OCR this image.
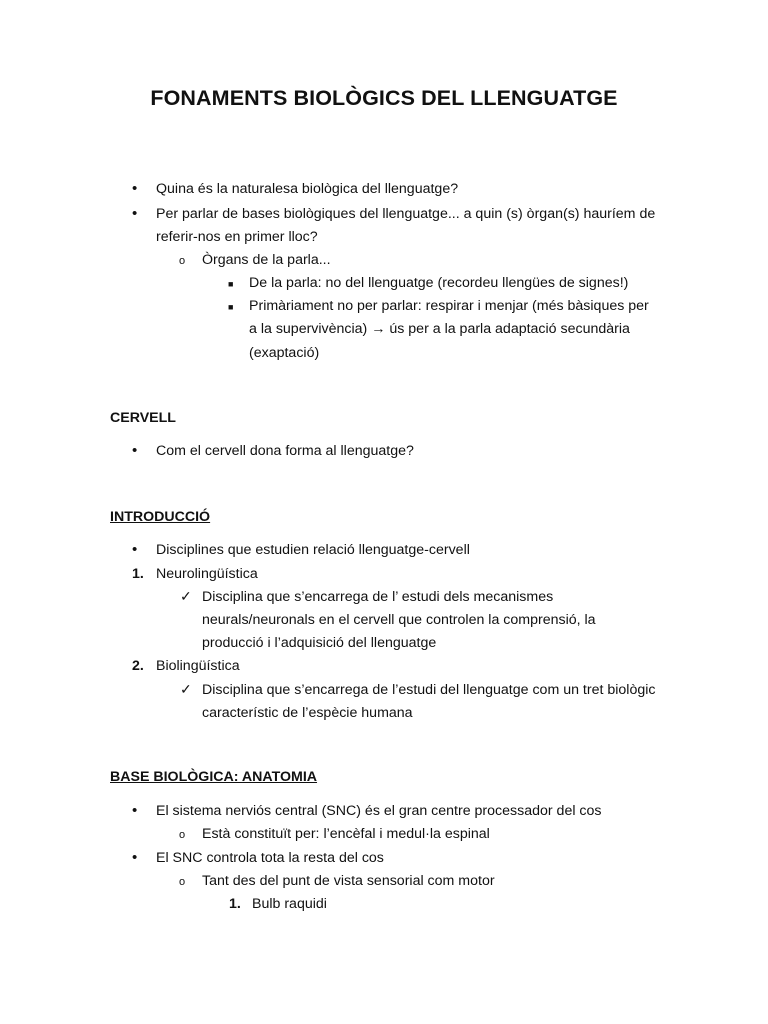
FONAMENTS BIOLÒGICS DEL LLENGUATGE
• Quina és la naturalesa biològica del llenguatge?
• Per parlar de bases biològiques del llenguatge... a quin (s) òrgan(s) hauríem de
referir-nos en primer lloc?
o Òrgans de la parla...
■ De la parla: no del llenguatge (recordeu llengües de signes!)
■ Primàriament no per parlar: respirar i menjar (més bàsiques per
a la supervivència) → ús per a la parla adaptació secundària
(exaptació)
CERVELL
• Com el cervell dona forma al llenguatge?
INTRODUCCIÓ
• Disciplines que estudien relació llenguatge-cervell
1. Neurolingüística
✓ Disciplina que s’encarrega de l’ estudi dels mecanismes
neurals/neuronals en el cervell que controlen la comprensió, la
producció i l’adquisició del llenguatge
2. Biolingüística
✓ Disciplina que s’encarrega de l’estudi del llenguatge com un tret biològic
característic de l’espècie humana
BASE BIOLÒGICA: ANATOMIA
• El sistema nerviós central (SNC) és el gran centre processador del cos
o Està constituït per: l’encèfal i medul·la espinal
• El SNC controla tota la resta del cos
o Tant des del punt de vista sensorial com motor
1. Bulb raquidi
